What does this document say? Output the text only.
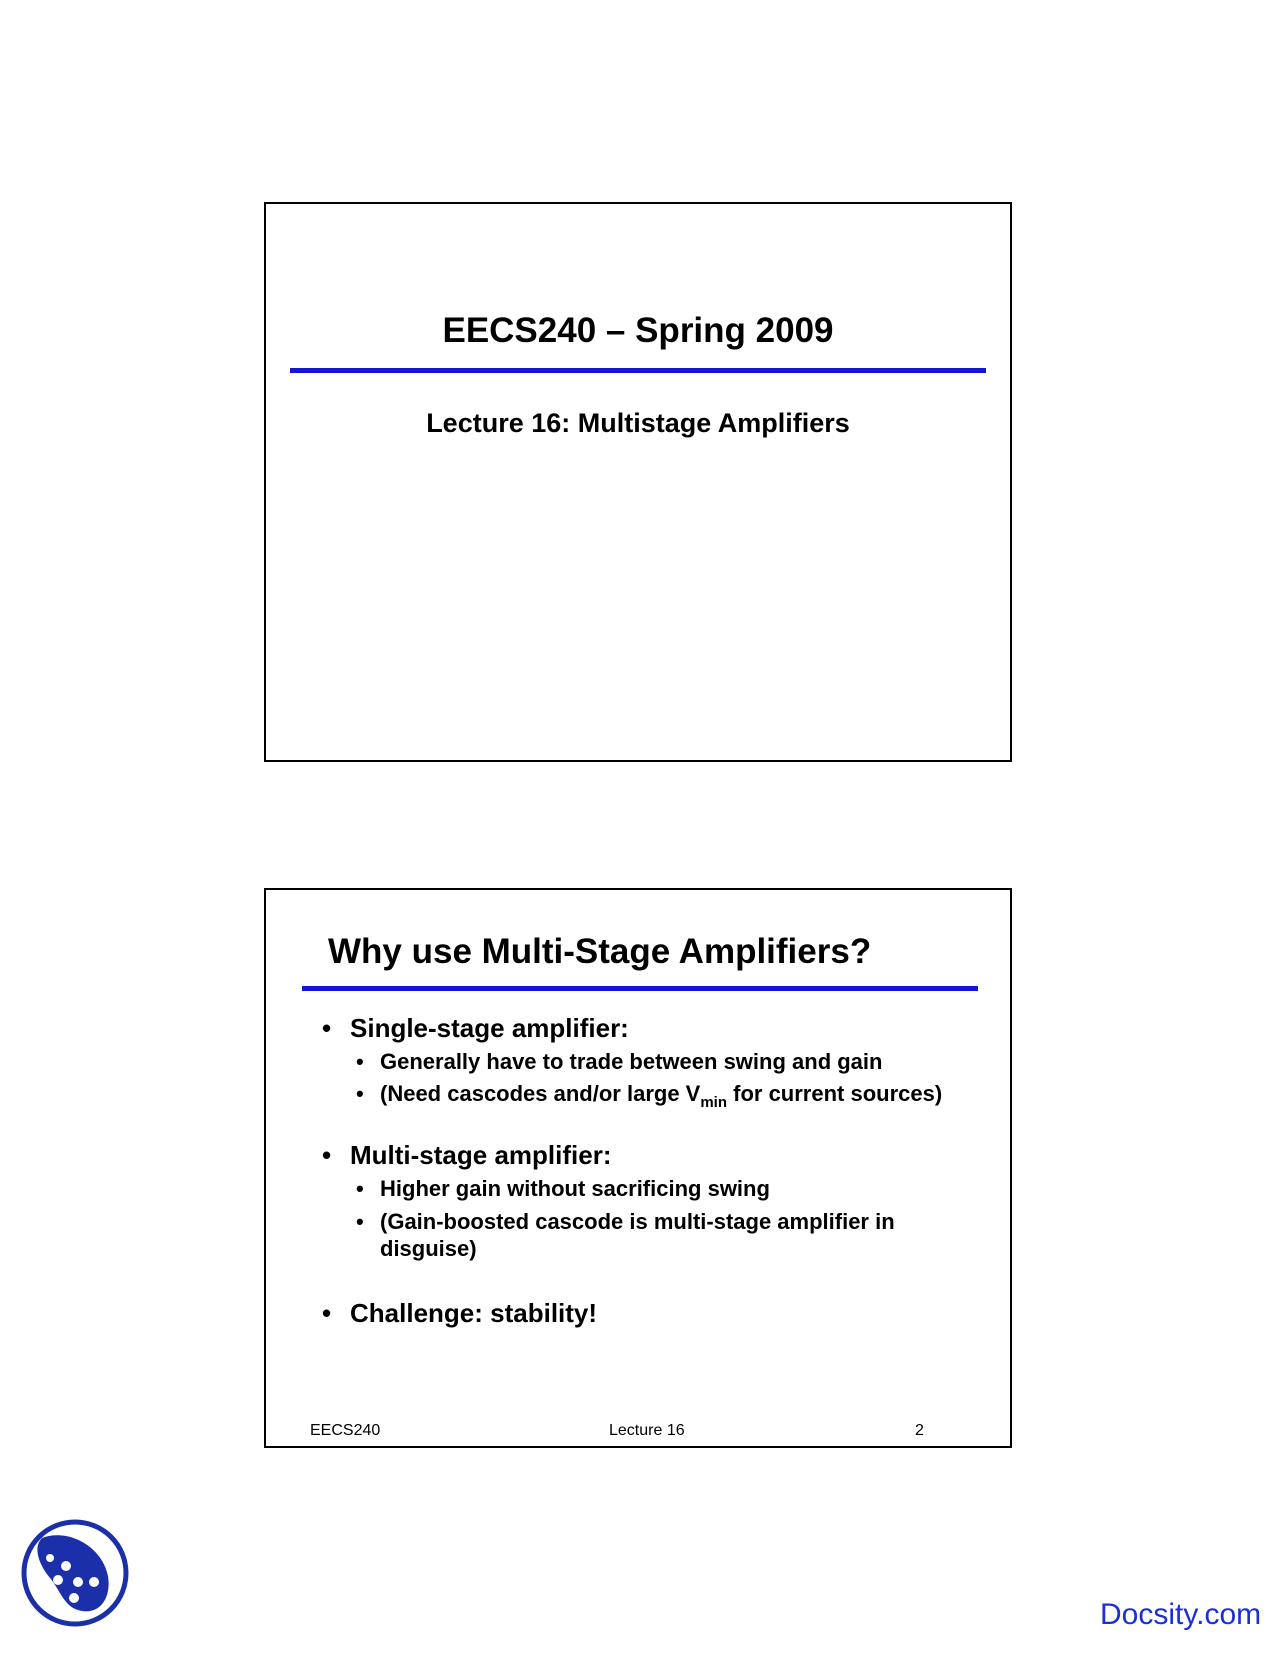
EECS240 – Spring 2009
Lecture 16: Multistage Amplifiers
Why use Multi-Stage Amplifiers?
• Single-stage amplifier:
• Generally have to trade between swing and gain
• (Need cascodes and/or large $V_{min}$ for current sources)
• Multi-stage amplifier:
• Higher gain without sacrificing swing
• (Gain-boosted cascode is multi-stage amplifier in
disguise)
• Challenge: stability!
EECS240	Lecture 16	2
Docsity.com
